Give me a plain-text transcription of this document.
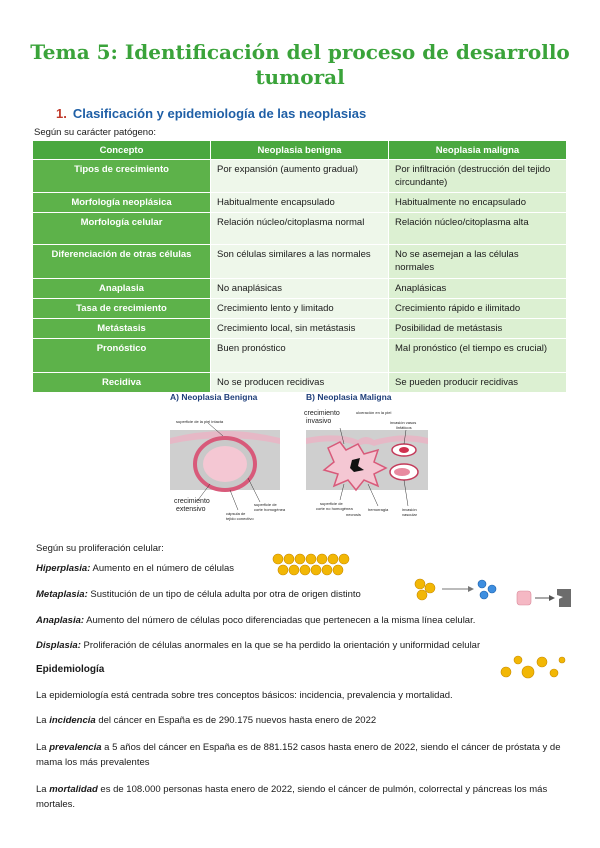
Tema 5: Identificación del proceso de desarrollo tumoral
1. Clasificación y epidemiología de las neoplasias
Según su carácter patógeno:
Concepto	Neoplasia benigna	Neoplasia maligna
Tipos de crecimiento	Por expansión (aumento gradual)	Por infiltración (destrucción del tejido circundante)
Morfología neoplásica	Habitualmente encapsulado	Habitualmente no encapsulado
Morfología celular	Relación núcleo/citoplasma normal	Relación núcleo/citoplasma alta
Diferenciación de otras células	Son células similares a las normales	No se asemejan a las células normales
Anaplasia	No anaplásicas	Anaplásicas
Tasa de crecimiento	Crecimiento lento y limitado	Crecimiento rápido e ilimitado
Metástasis	Crecimiento local, sin metástasis	Posibilidad de metástasis
Pronóstico	Buen pronóstico	Mal pronóstico (el tiempo es crucial)
Recidiva	No se producen recidivas	Se pueden producir recidivas
A) Neoplasia Benigna	B) Neoplasia Maligna
superficie de la piel intacta
crecimiento
extensivo
cápsula de
tejido conectivo
superficie de
corte homogénea
crecimiento
invasivo
ulceración en la piel
invasión vasos
linfáticos
superficie de
corte no homogénea
necrosis
hemorragia	invasión
vascular
Según su proliferación celular:
Hiperplasia: Aumento en el número de células
Metaplasia: Sustitución de un tipo de célula adulta por otra de origen distinto
Anaplasia: Aumento del número de células poco diferenciadas que pertenecen a la misma línea celular.
Displasia: Proliferación de células anormales en la que se ha perdido la orientación y uniformidad celular
Epidemiología
La epidemiología está centrada sobre tres conceptos básicos: incidencia, prevalencia y mortalidad.
La incidencia del cáncer en España es de 290.175 nuevos hasta enero de 2022
La prevalencia a 5 años del cáncer en España es de 881.152 casos hasta enero de 2022, siendo el cáncer de próstata y de mama los más prevalentes
La mortalidad es de 108.000 personas hasta enero de 2022, siendo el cáncer de pulmón, colorrectal y páncreas los más mortales.
